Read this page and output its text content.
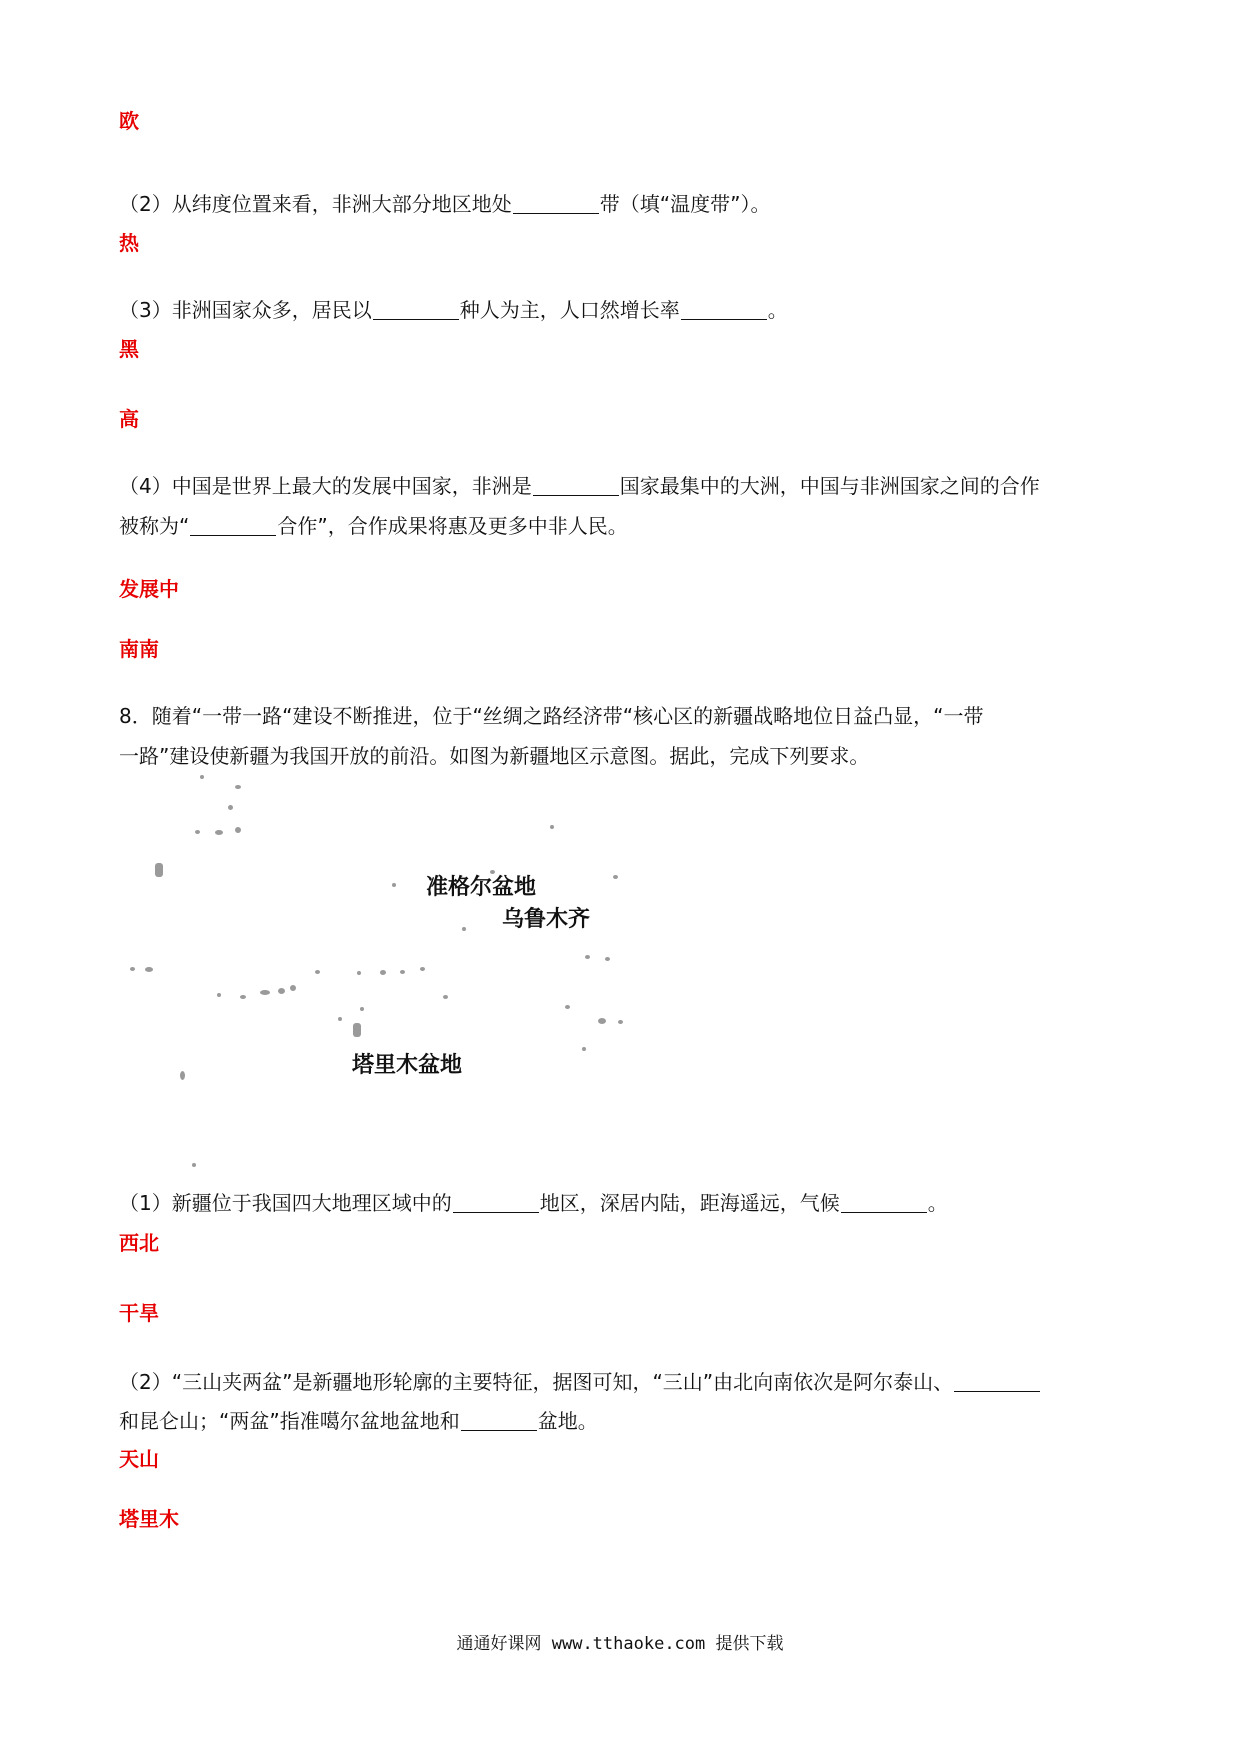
欧
（2）从纬度位置来看，非洲大部分地区地处	带（填“温度带”）。
热
（3）非洲国家众多，居民以	种人为主，人口然增长率	。
黑
高
（4）中国是世界上最大的发展中国家，非洲是	国家最集中的大洲，中国与非洲国家之间的合作
被称为“	合作”，合作成果将惠及更多中非人民。
发展中
南南
8．随着“一带一路“建设不断推进，位于“丝绸之路经济带“核心区的新疆战略地位日益凸显，“一带
一路”建设使新疆为我国开放的前沿。如图为新疆地区示意图。据此，完成下列要求。
准格尔盆地
乌鲁木齐
塔里木盆地
（1）新疆位于我国四大地理区域中的	地区，深居内陆，距海遥远，气候	。
西北
干旱
（2）“三山夹两盆”是新疆地形轮廓的主要特征，据图可知，“三山”由北向南依次是阿尔泰山、
和昆仑山；“两盆”指准噶尔盆地盆地和	盆地。
天山
塔里木
通通好课网 www.tthaoke.com 提供下载
